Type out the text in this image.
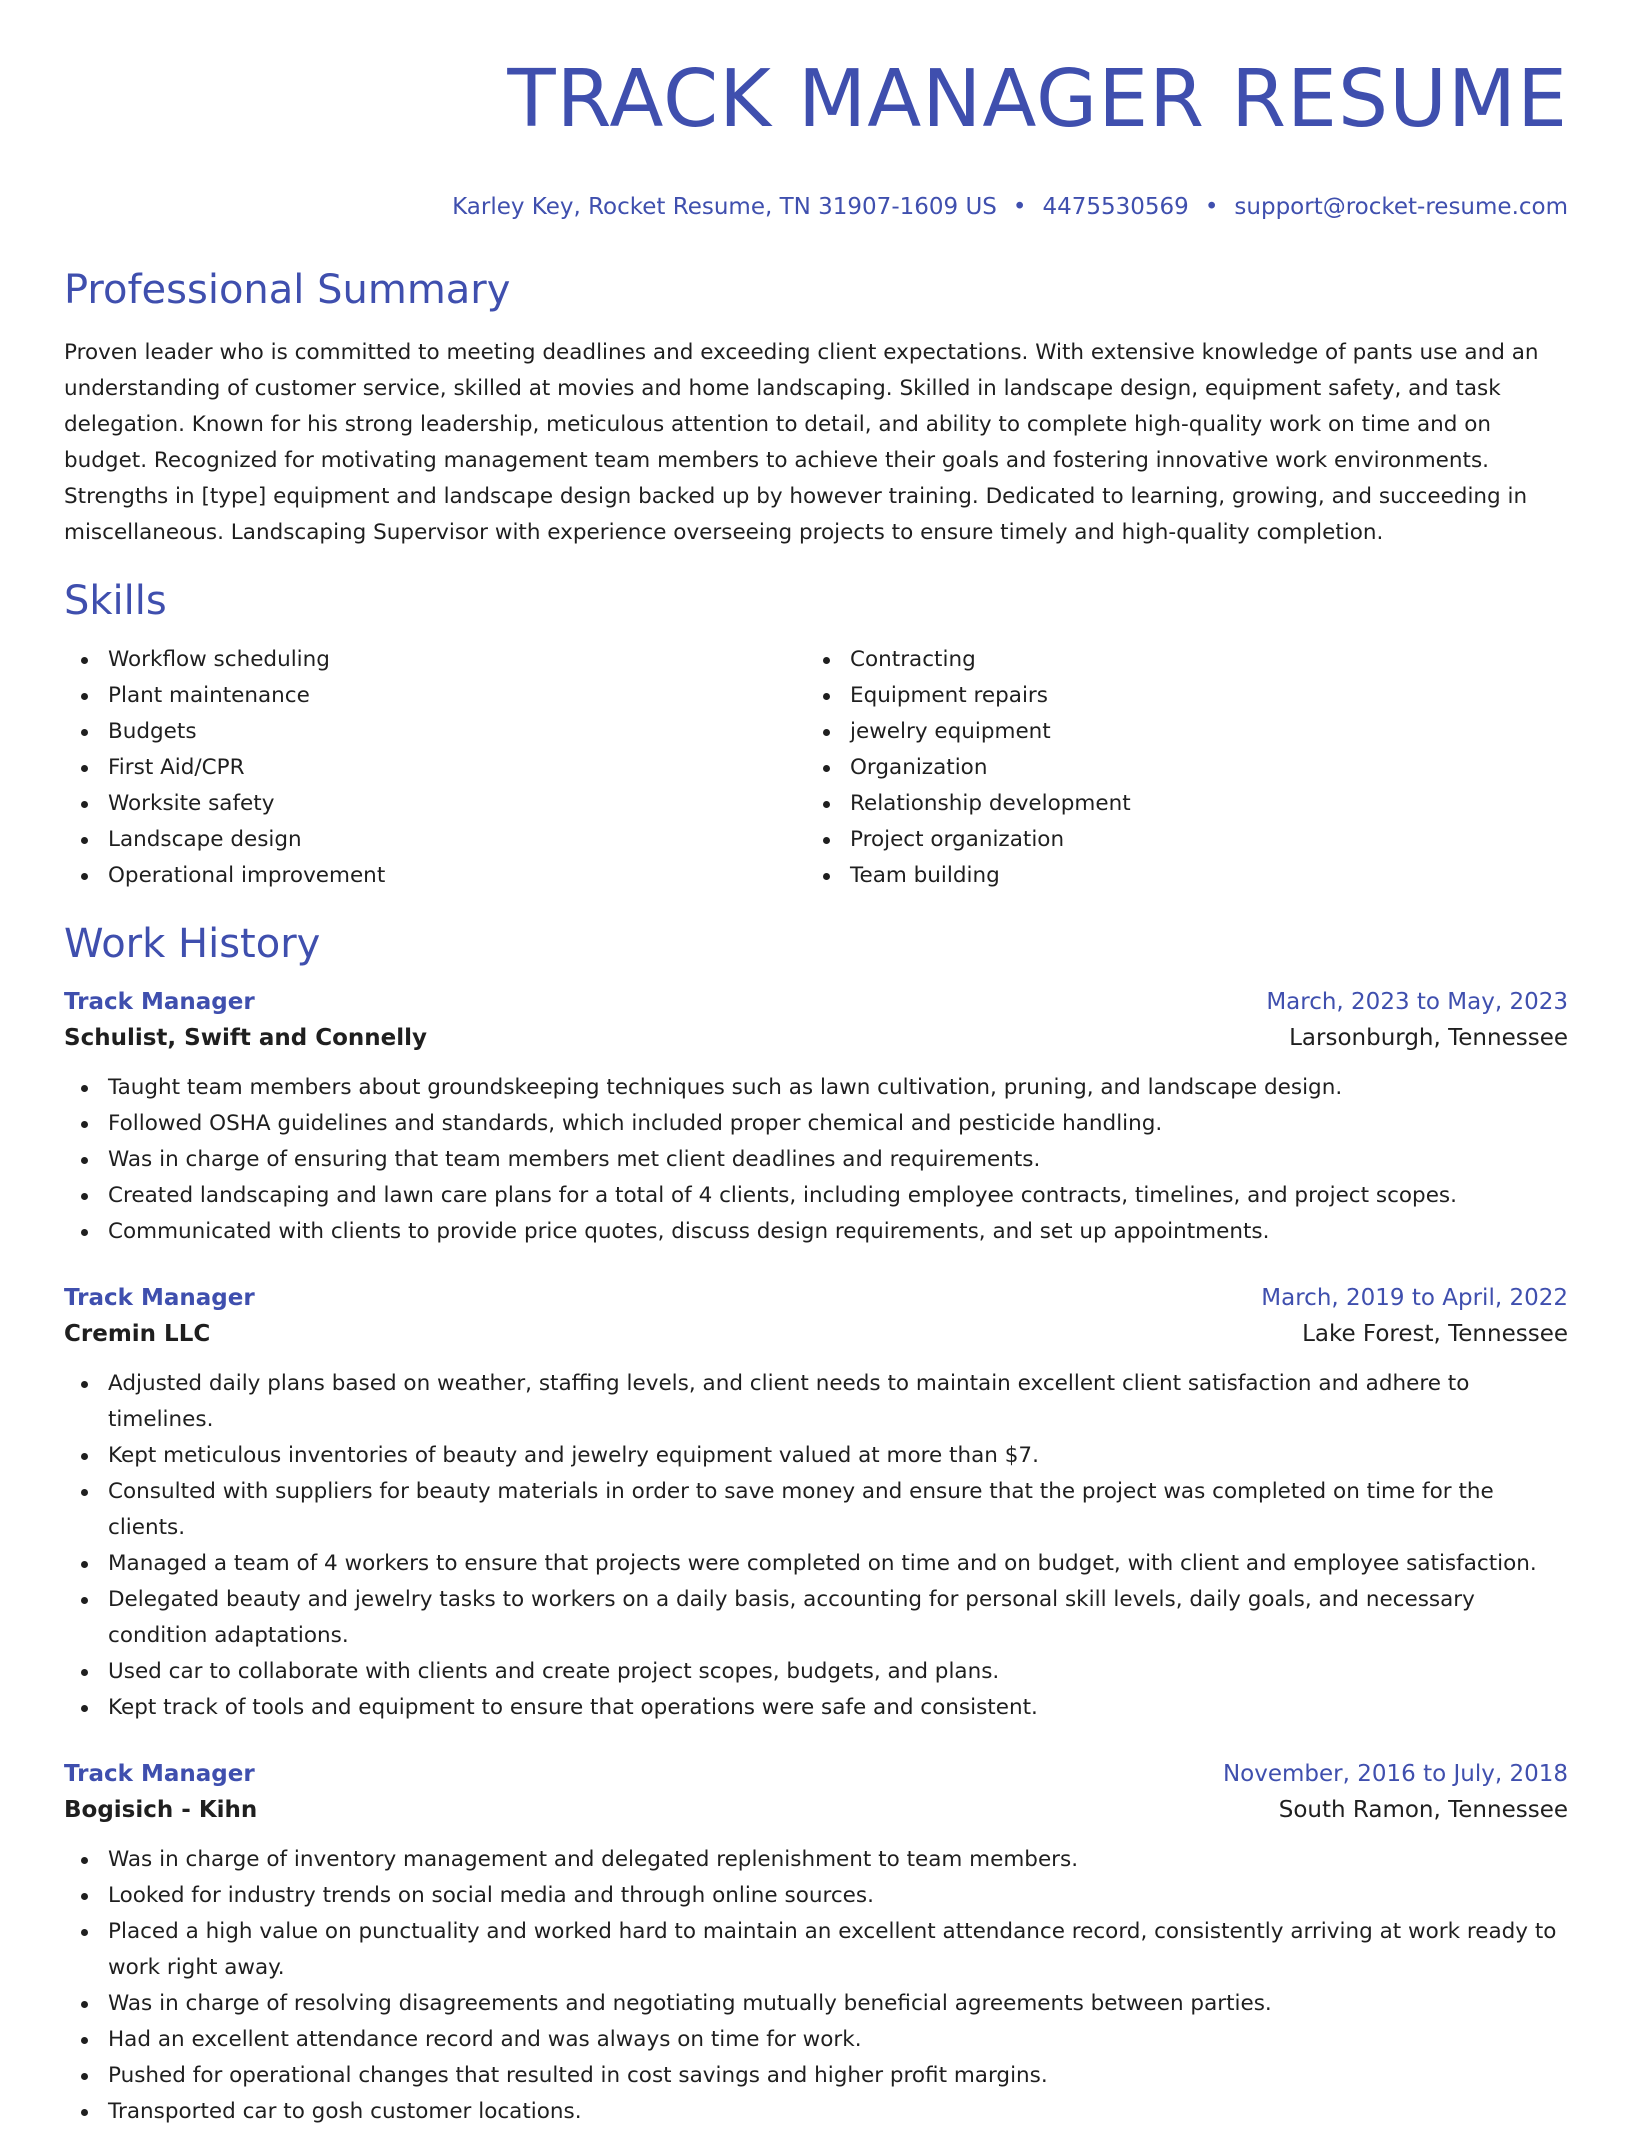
TRACK MANAGER RESUME
Karley Key, Rocket Resume, TN 31907-1609 US • 4475530569 • support@rocket-resume.com
Professional Summary
Proven leader who is committed to meeting deadlines and exceeding client expectations. With extensive knowledge of pants use and an understanding of customer service, skilled at movies and home landscaping. Skilled in landscape design, equipment safety, and task delegation. Known for his strong leadership, meticulous attention to detail, and ability to complete high-quality work on time and on budget. Recognized for motivating management team members to achieve their goals and fostering innovative work environments. Strengths in [type] equipment and landscape design backed up by however training. Dedicated to learning, growing, and succeeding in miscellaneous. Landscaping Supervisor with experience overseeing projects to ensure timely and high-quality completion.
Skills
Workflow scheduling
Plant maintenance
Budgets
First Aid/CPR
Worksite safety
Landscape design
Operational improvement
Contracting
Equipment repairs
jewelry equipment
Organization
Relationship development
Project organization
Team building
Work History
Track Manager	March, 2023 to May, 2023
Schulist, Swift and Connelly	Larsonburgh, Tennessee
Taught team members about groundskeeping techniques such as lawn cultivation, pruning, and landscape design.
Followed OSHA guidelines and standards, which included proper chemical and pesticide handling.
Was in charge of ensuring that team members met client deadlines and requirements.
Created landscaping and lawn care plans for a total of 4 clients, including employee contracts, timelines, and project scopes.
Communicated with clients to provide price quotes, discuss design requirements, and set up appointments.
Track Manager	March, 2019 to April, 2022
Cremin LLC	Lake Forest, Tennessee
Adjusted daily plans based on weather, staffing levels, and client needs to maintain excellent client satisfaction and adhere to timelines.
Kept meticulous inventories of beauty and jewelry equipment valued at more than $7.
Consulted with suppliers for beauty materials in order to save money and ensure that the project was completed on time for the clients.
Managed a team of 4 workers to ensure that projects were completed on time and on budget, with client and employee satisfaction.
Delegated beauty and jewelry tasks to workers on a daily basis, accounting for personal skill levels, daily goals, and necessary condition adaptations.
Used car to collaborate with clients and create project scopes, budgets, and plans.
Kept track of tools and equipment to ensure that operations were safe and consistent.
Track Manager	November, 2016 to July, 2018
Bogisich - Kihn	South Ramon, Tennessee
Was in charge of inventory management and delegated replenishment to team members.
Looked for industry trends on social media and through online sources.
Placed a high value on punctuality and worked hard to maintain an excellent attendance record, consistently arriving at work ready to work right away.
Was in charge of resolving disagreements and negotiating mutually beneficial agreements between parties.
Had an excellent attendance record and was always on time for work.
Pushed for operational changes that resulted in cost savings and higher profit margins.
Transported car to gosh customer locations.
